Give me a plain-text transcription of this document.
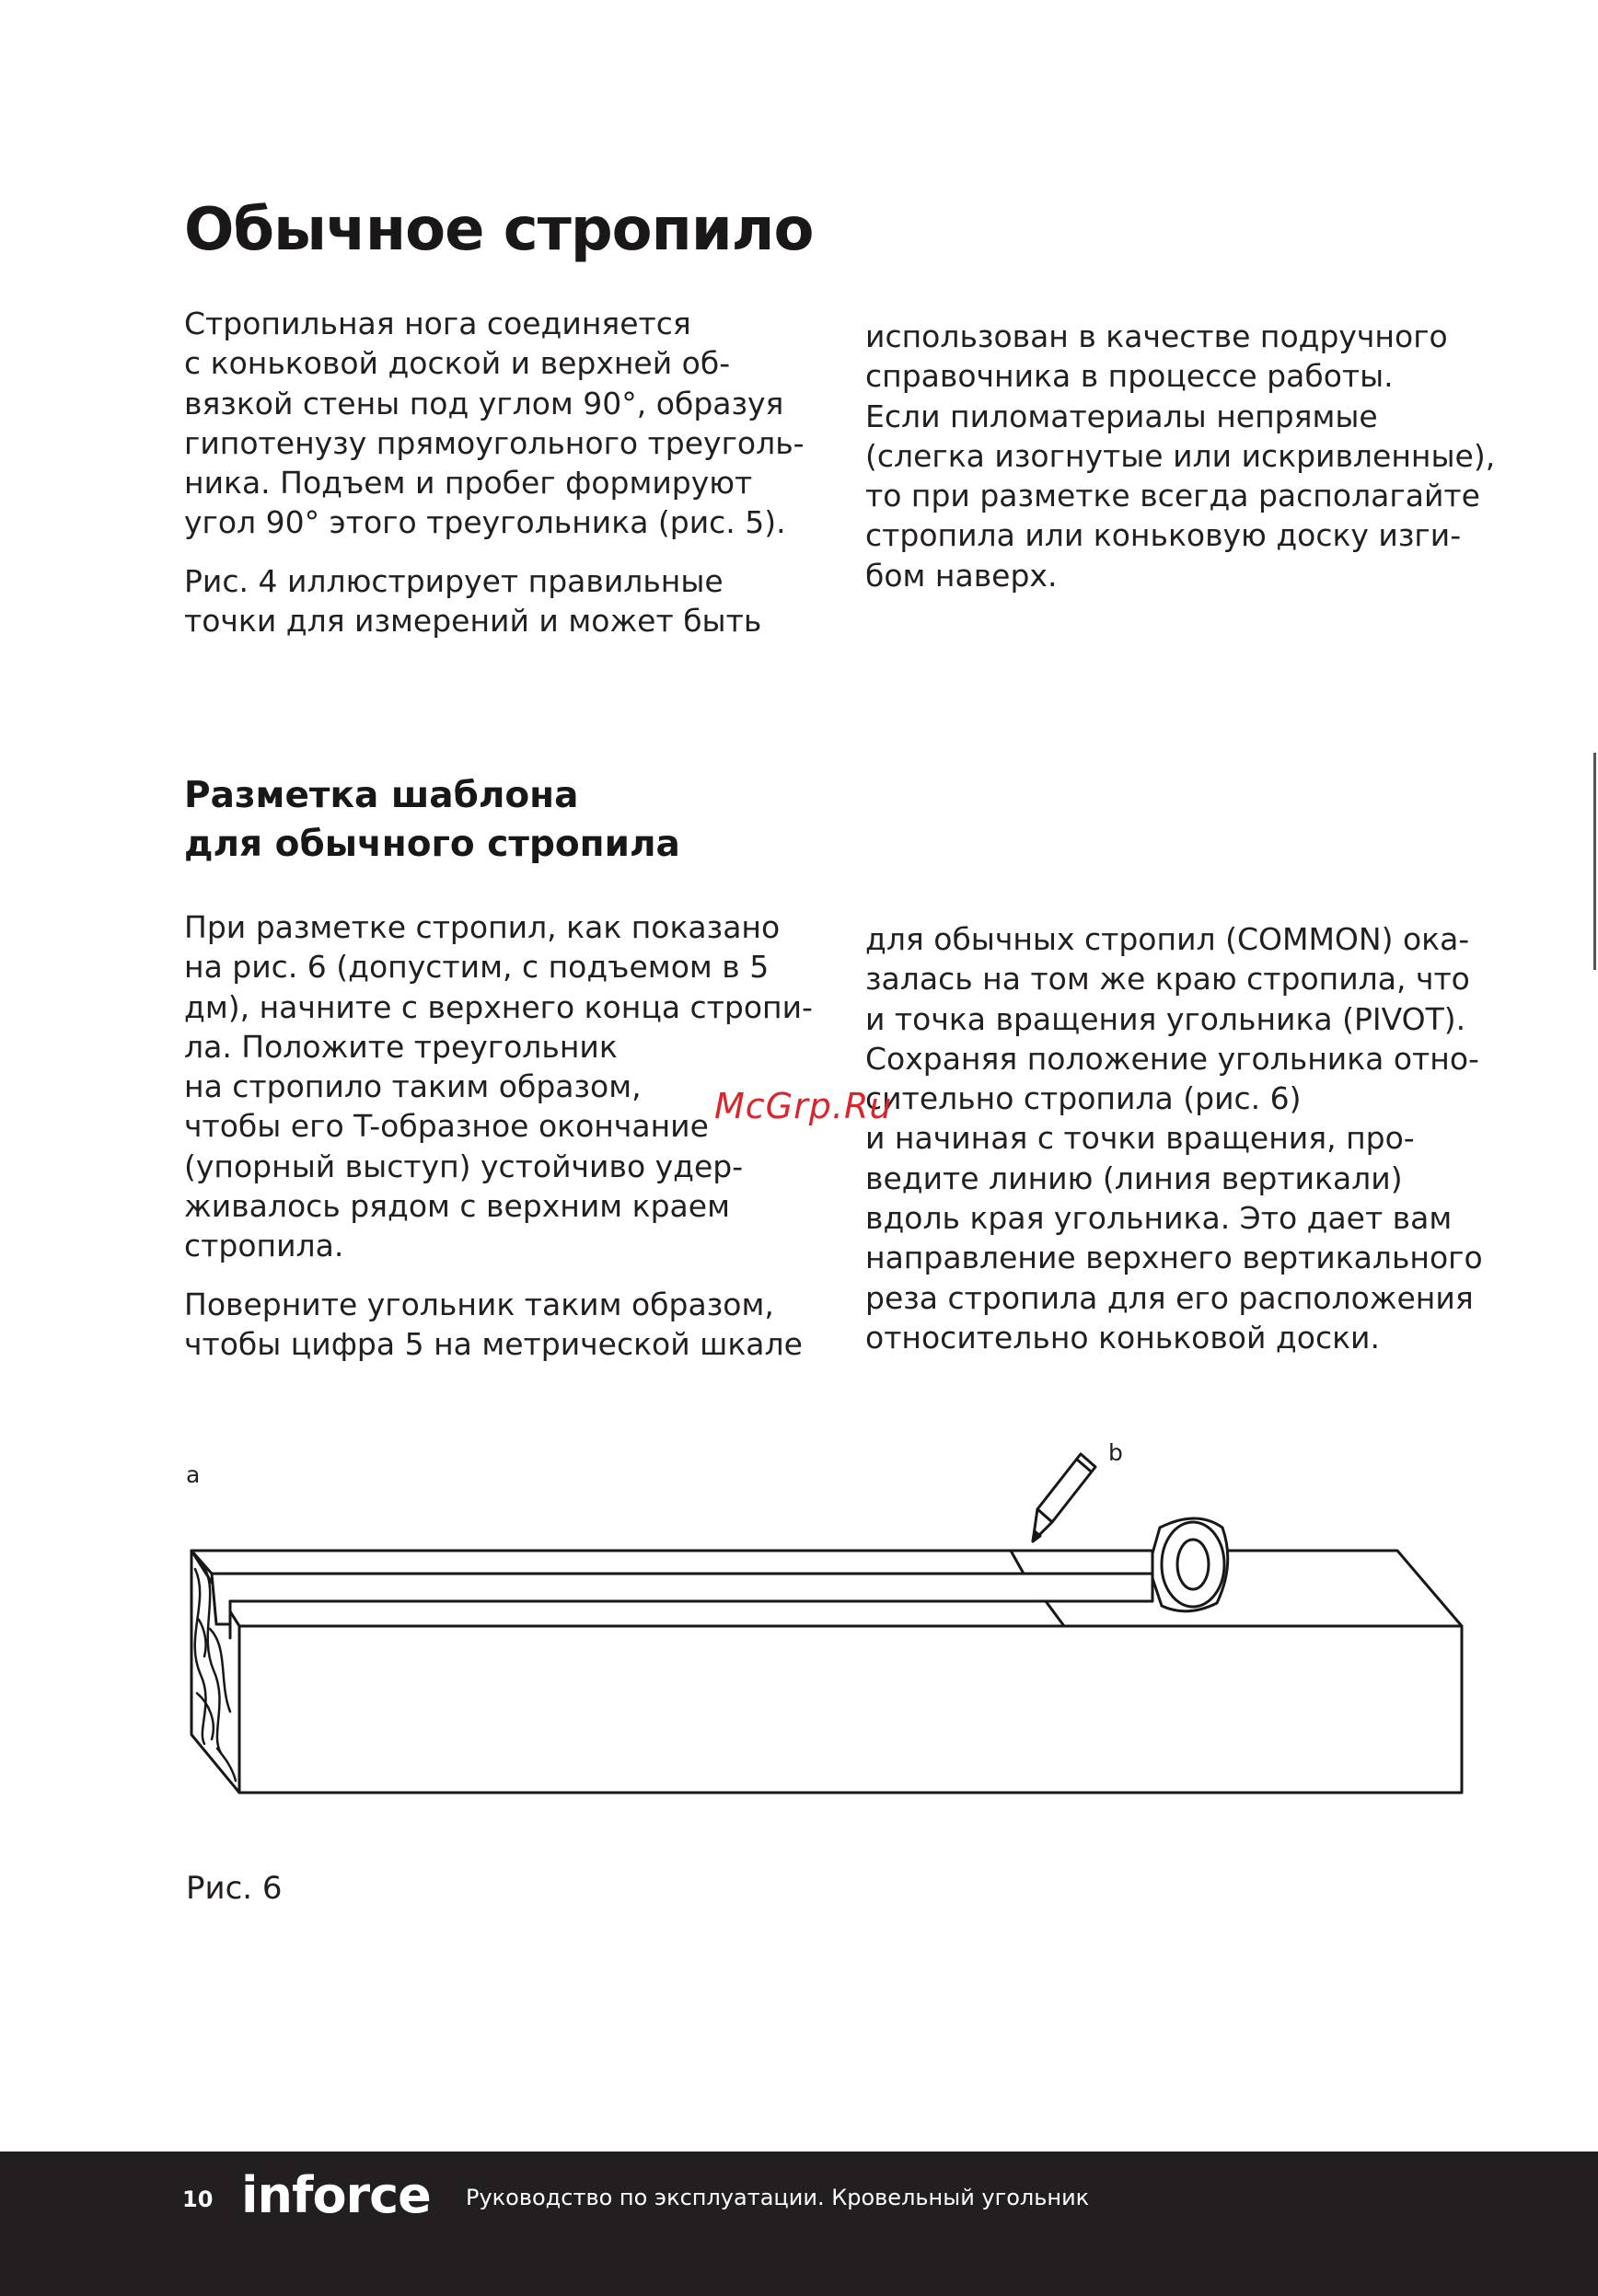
Обычное стропило

Стропильная нога соединяется
с коньковой доской и верхней об-
вязкой стены под углом 90°, образуя
гипотенузу прямоугольного треуголь-
ника. Подъем и пробег формируют
угол 90° этого треугольника (рис. 5).

Рис. 4 иллюстрирует правильные
точки для измерений и может быть

использован в качестве подручного
справочника в процессе работы.
Если пиломатериалы непрямые
(слегка изогнутые или искривленные),
то при разметке всегда располагайте
стропила или коньковую доску изги-
бом наверх.

Разметка шаблона
для обычного стропила

При разметке стропил, как показано
на рис. 6 (допустим, с подъемом в 5
дм), начните с верхнего конца стропи-
ла. Положите треугольник
на стропило таким образом,
чтобы его T-образное окончание
(упорный выступ) устойчиво удер-
живалось рядом с верхним краем
стропила.

Поверните угольник таким образом,
чтобы цифра 5 на метрической шкале

для обычных стропил (COMMON) ока-
залась на том же краю стропила, что
и точка вращения угольника (PIVOT).
Сохраняя положение угольника отно-
сительно стропила (рис. 6)
и начиная с точки вращения, про-
ведите линию (линия вертикали)
вдоль края угольника. Это дает вам
направление верхнего вертикального
реза стропила для его расположения
относительно коньковой доски.

McGrp.Ru
a
b
Рис. 6
10 inforce Руководство по эксплуатации. Кровельный угольник
